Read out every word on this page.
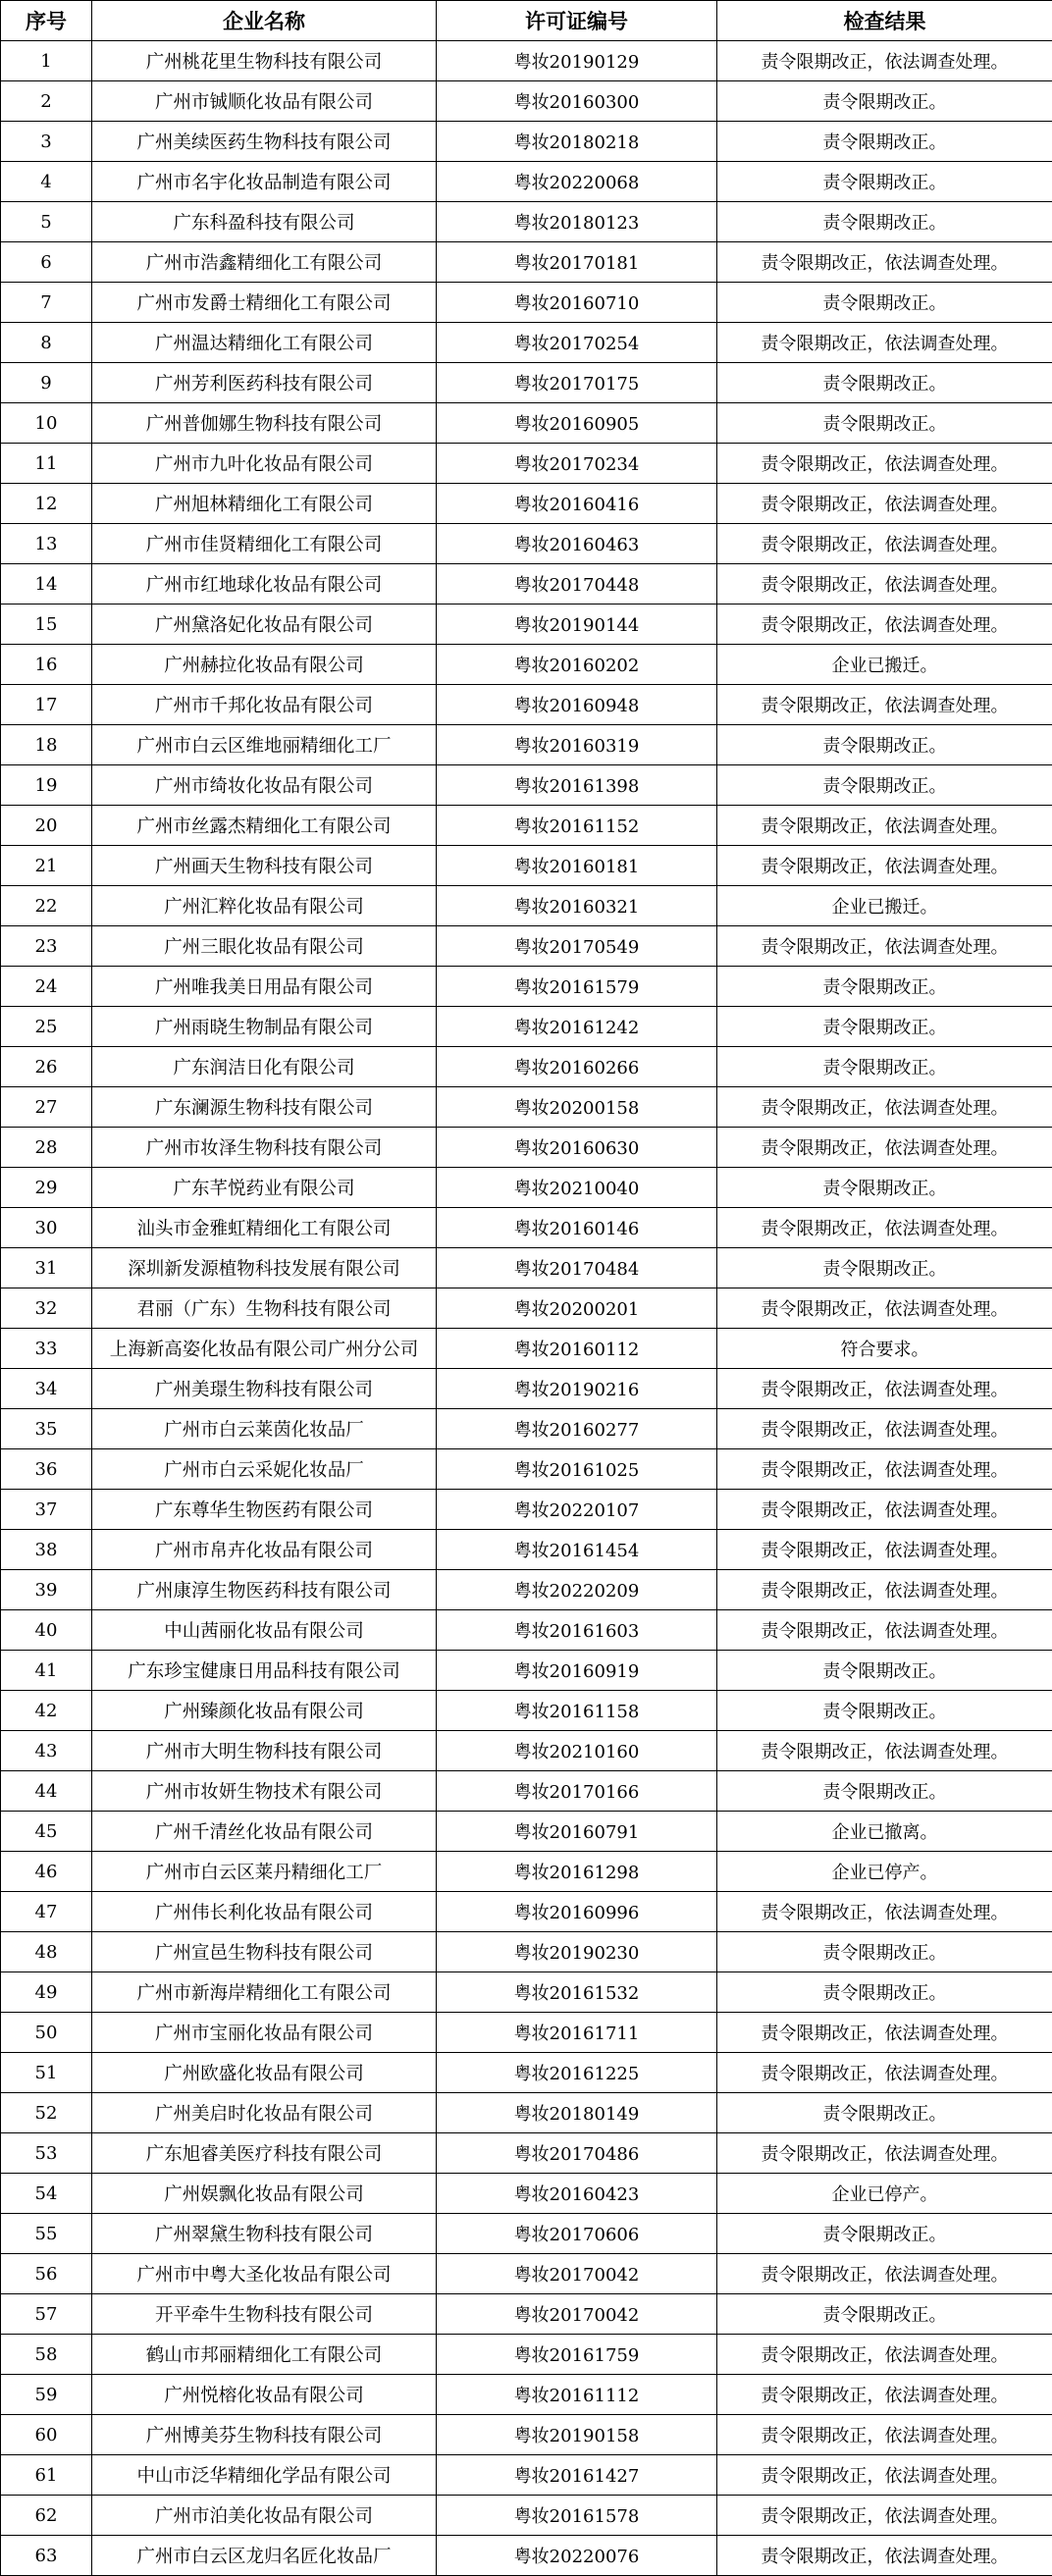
序号	企业名称	许可证编号	检查结果
1	广州桃花里生物科技有限公司	粤妆20190129	责令限期改正，依法调查处理。
2	广州市铖顺化妆品有限公司	粤妆20160300	责令限期改正。
3	广州美续医药生物科技有限公司	粤妆20180218	责令限期改正。
4	广州市名宇化妆品制造有限公司	粤妆20220068	责令限期改正。
5	广东科盈科技有限公司	粤妆20180123	责令限期改正。
6	广州市浩鑫精细化工有限公司	粤妆20170181	责令限期改正，依法调查处理。
7	广州市发爵士精细化工有限公司	粤妆20160710	责令限期改正。
8	广州温达精细化工有限公司	粤妆20170254	责令限期改正，依法调查处理。
9	广州芳利医药科技有限公司	粤妆20170175	责令限期改正。
10	广州普伽娜生物科技有限公司	粤妆20160905	责令限期改正。
11	广州市九叶化妆品有限公司	粤妆20170234	责令限期改正，依法调查处理。
12	广州旭林精细化工有限公司	粤妆20160416	责令限期改正，依法调查处理。
13	广州市佳贤精细化工有限公司	粤妆20160463	责令限期改正，依法调查处理。
14	广州市红地球化妆品有限公司	粤妆20170448	责令限期改正，依法调查处理。
15	广州黛洛妃化妆品有限公司	粤妆20190144	责令限期改正，依法调查处理。
16	广州赫拉化妆品有限公司	粤妆20160202	企业已搬迁。
17	广州市千邦化妆品有限公司	粤妆20160948	责令限期改正，依法调查处理。
18	广州市白云区维地丽精细化工厂	粤妆20160319	责令限期改正。
19	广州市绮妆化妆品有限公司	粤妆20161398	责令限期改正。
20	广州市丝露杰精细化工有限公司	粤妆20161152	责令限期改正，依法调查处理。
21	广州画天生物科技有限公司	粤妆20160181	责令限期改正，依法调查处理。
22	广州汇粹化妆品有限公司	粤妆20160321	企业已搬迁。
23	广州三眼化妆品有限公司	粤妆20170549	责令限期改正，依法调查处理。
24	广州唯我美日用品有限公司	粤妆20161579	责令限期改正。
25	广州雨晓生物制品有限公司	粤妆20161242	责令限期改正。
26	广东润洁日化有限公司	粤妆20160266	责令限期改正。
27	广东澜源生物科技有限公司	粤妆20200158	责令限期改正，依法调查处理。
28	广州市妆泽生物科技有限公司	粤妆20160630	责令限期改正，依法调查处理。
29	广东芊悦药业有限公司	粤妆20210040	责令限期改正。
30	汕头市金雅虹精细化工有限公司	粤妆20160146	责令限期改正，依法调查处理。
31	深圳新发源植物科技发展有限公司	粤妆20170484	责令限期改正。
32	君丽（广东）生物科技有限公司	粤妆20200201	责令限期改正，依法调查处理。
33	上海新高姿化妆品有限公司广州分公司	粤妆20160112	符合要求。
34	广州美璟生物科技有限公司	粤妆20190216	责令限期改正，依法调查处理。
35	广州市白云莱茵化妆品厂	粤妆20160277	责令限期改正，依法调查处理。
36	广州市白云采妮化妆品厂	粤妆20161025	责令限期改正，依法调查处理。
37	广东尊华生物医药有限公司	粤妆20220107	责令限期改正，依法调查处理。
38	广州市帛卉化妆品有限公司	粤妆20161454	责令限期改正，依法调查处理。
39	广州康淳生物医药科技有限公司	粤妆20220209	责令限期改正，依法调查处理。
40	中山茜丽化妆品有限公司	粤妆20161603	责令限期改正，依法调查处理。
41	广东珍宝健康日用品科技有限公司	粤妆20160919	责令限期改正。
42	广州臻颜化妆品有限公司	粤妆20161158	责令限期改正。
43	广州市大明生物科技有限公司	粤妆20210160	责令限期改正，依法调查处理。
44	广州市妆妍生物技术有限公司	粤妆20170166	责令限期改正。
45	广州千清丝化妆品有限公司	粤妆20160791	企业已撤离。
46	广州市白云区莱丹精细化工厂	粤妆20161298	企业已停产。
47	广州伟长利化妆品有限公司	粤妆20160996	责令限期改正，依法调查处理。
48	广州宣邑生物科技有限公司	粤妆20190230	责令限期改正。
49	广州市新海岸精细化工有限公司	粤妆20161532	责令限期改正。
50	广州市宝丽化妆品有限公司	粤妆20161711	责令限期改正，依法调查处理。
51	广州欧盛化妆品有限公司	粤妆20161225	责令限期改正，依法调查处理。
52	广州美启时化妆品有限公司	粤妆20180149	责令限期改正。
53	广东旭睿美医疗科技有限公司	粤妆20170486	责令限期改正，依法调查处理。
54	广州娱飘化妆品有限公司	粤妆20160423	企业已停产。
55	广州翠黛生物科技有限公司	粤妆20170606	责令限期改正。
56	广州市中粤大圣化妆品有限公司	粤妆20170042	责令限期改正，依法调查处理。
57	开平牵牛生物科技有限公司	粤妆20170042	责令限期改正。
58	鹤山市邦丽精细化工有限公司	粤妆20161759	责令限期改正，依法调查处理。
59	广州悦榕化妆品有限公司	粤妆20161112	责令限期改正，依法调查处理。
60	广州博美芬生物科技有限公司	粤妆20190158	责令限期改正，依法调查处理。
61	中山市泛华精细化学品有限公司	粤妆20161427	责令限期改正，依法调查处理。
62	广州市泊美化妆品有限公司	粤妆20161578	责令限期改正，依法调查处理。
63	广州市白云区龙归名匠化妆品厂	粤妆20220076	责令限期改正，依法调查处理。
